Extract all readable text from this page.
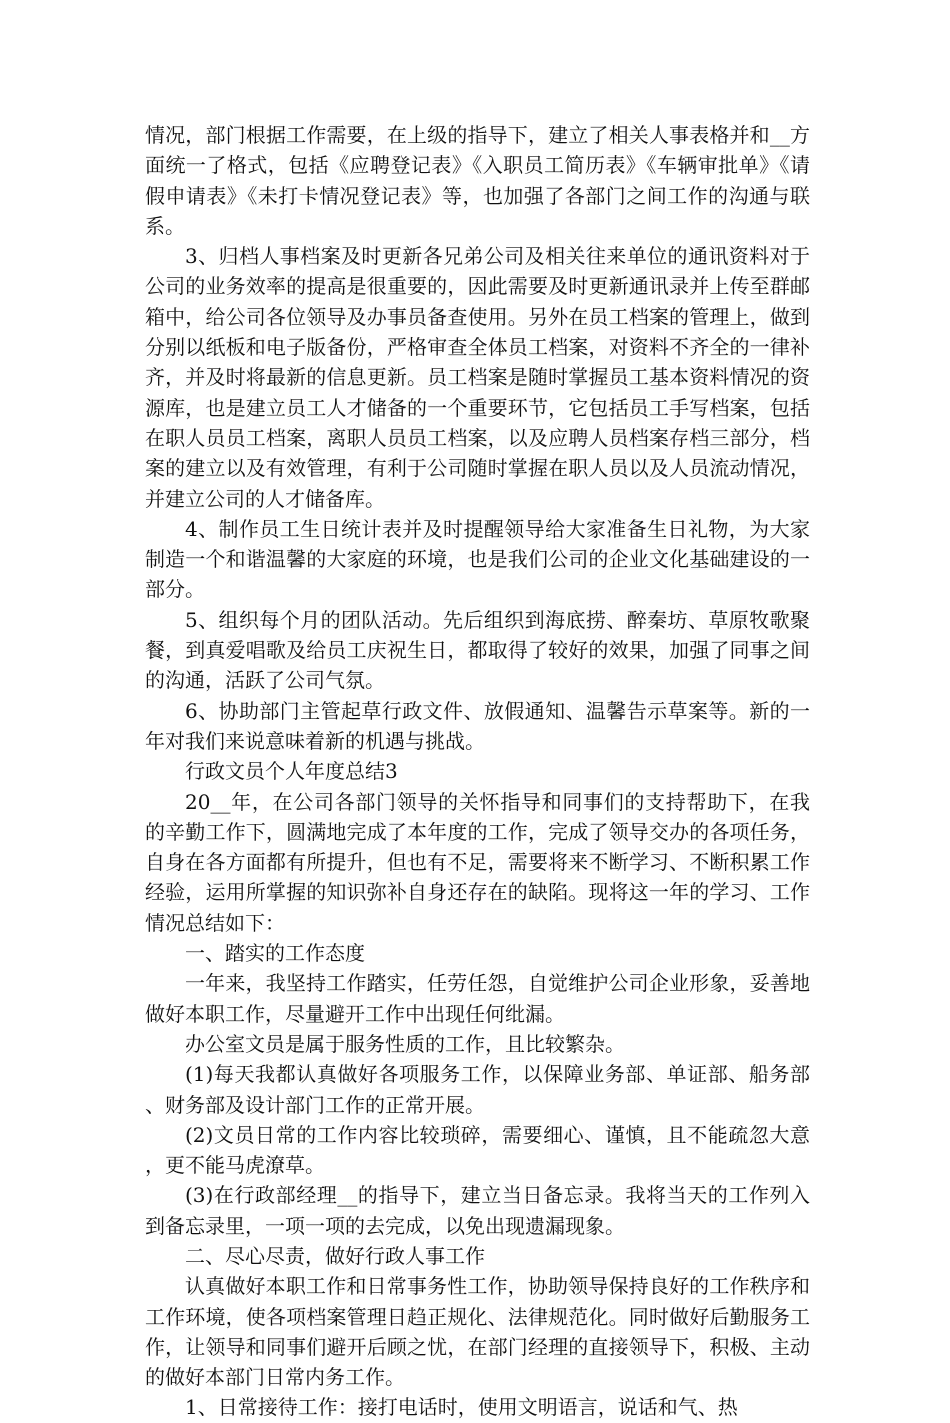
情况，部门根据工作需要，在上级的指导下，建立了相关人事表格并和__方面统一了格式，包括《应聘登记表》《入职员工简历表》《车辆审批单》《请假申请表》《未打卡情况登记表》等，也加强了各部门之间工作的沟通与联系。

3、归档人事档案及时更新各兄弟公司及相关往来单位的通讯资料对于公司的业务效率的提高是很重要的，因此需要及时更新通讯录并上传至群邮箱中，给公司各位领导及办事员备查使用。另外在员工档案的管理上，做到分别以纸板和电子版备份，严格审查全体员工档案，对资料不齐全的一律补齐，并及时将最新的信息更新。员工档案是随时掌握员工基本资料情况的资源库，也是建立员工人才储备的一个重要环节，它包括员工手写档案，包括在职人员员工档案，离职人员员工档案，以及应聘人员档案存档三部分，档案的建立以及有效管理，有利于公司随时掌握在职人员以及人员流动情况，并建立公司的人才储备库。

4、制作员工生日统计表并及时提醒领导给大家准备生日礼物，为大家制造一个和谐温馨的大家庭的环境，也是我们公司的企业文化基础建设的一部分。

5、组织每个月的团队活动。先后组织到海底捞、醉秦坊、草原牧歌聚餐，到真爱唱歌及给员工庆祝生日，都取得了较好的效果，加强了同事之间的沟通，活跃了公司气氛。

6、协助部门主管起草行政文件、放假通知、温馨告示草案等。新的一年对我们来说意味着新的机遇与挑战。

行政文员个人年度总结3

20__年，在公司各部门领导的关怀指导和同事们的支持帮助下，在我的辛勤工作下，圆满地完成了本年度的工作，完成了领导交办的各项任务，自身在各方面都有所提升，但也有不足，需要将来不断学习、不断积累工作经验，运用所掌握的知识弥补自身还存在的缺陷。现将这一年的学习、工作情况总结如下：

一、踏实的工作态度

一年来，我坚持工作踏实，任劳任怨，自觉维护公司企业形象，妥善地做好本职工作，尽量避开工作中出现任何纰漏。

办公室文员是属于服务性质的工作，且比较繁杂。

(1)每天我都认真做好各项服务工作，以保障业务部、单证部、船务部、财务部及设计部门工作的正常开展。

(2)文员日常的工作内容比较琐碎，需要细心、谨慎，且不能疏忽大意，更不能马虎潦草。

(3)在行政部经理__的指导下，建立当日备忘录。我将当天的工作列入到备忘录里，一项一项的去完成，以免出现遗漏现象。

二、尽心尽责，做好行政人事工作

认真做好本职工作和日常事务性工作，协助领导保持良好的工作秩序和工作环境，使各项档案管理日趋正规化、法律规范化。同时做好后勤服务工作，让领导和同事们避开后顾之忧，在部门经理的直接领导下，积极、主动的做好本部门日常内务工作。

1、日常接待工作：接打电话时，使用文明语言，说话和气、热
